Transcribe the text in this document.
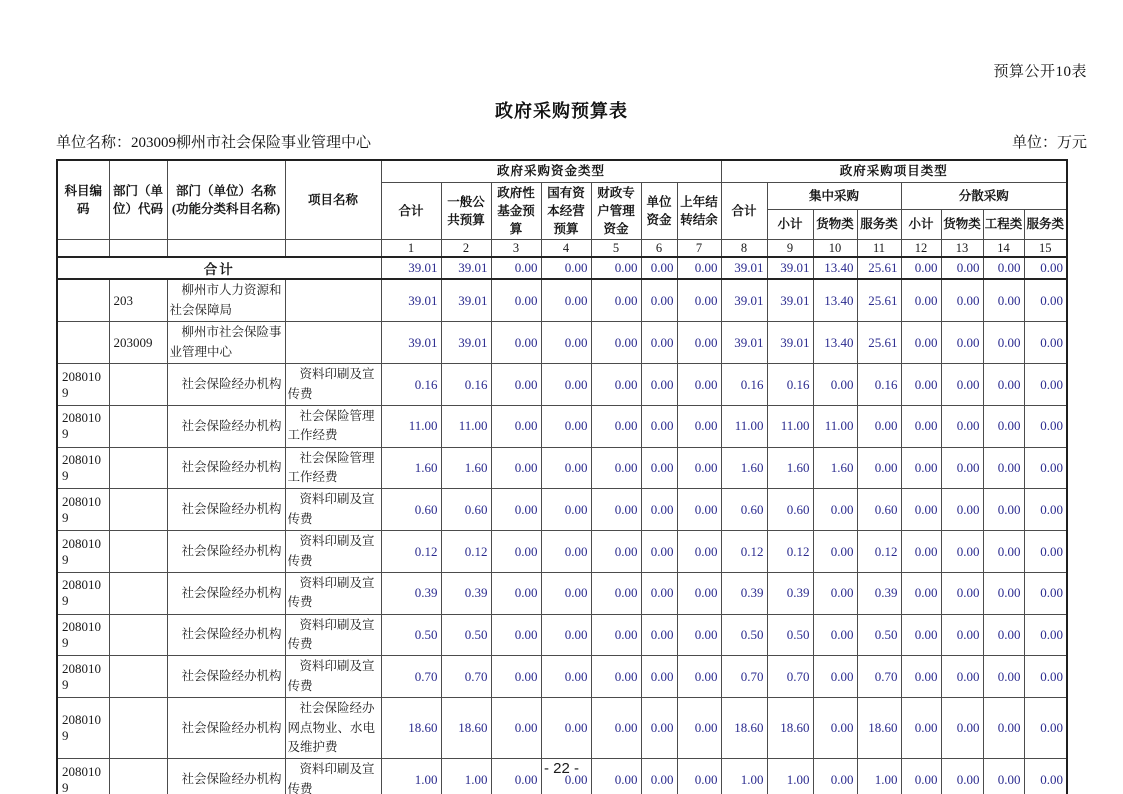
预算公开10表
政府采购预算表
单位名称：203009柳州市社会保险事业管理中心	单位：万元
科目编码	部门（单位）代码	部门（单位）名称(功能分类科目名称)	项目名称	政府采购资金类型							政府采购项目类型							
				合计	一般公共预算	政府性基金预算	国有资本经营预算	财政专户管理资金	单位资金	上年结转结余	合计	集中采购			分散采购			
												小计	货物类	服务类	小计	货物类	工程类	服务类
				1	2	3	4	5	6	7	8	9	10	11	12	13	14	15
合计				39.01	39.01	0.00	0.00	0.00	0.00	0.00	39.01	39.01	13.40	25.61	0.00	0.00	0.00	0.00
	203	柳州市人力资源和社会保障局		39.01	39.01	0.00	0.00	0.00	0.00	0.00	39.01	39.01	13.40	25.61	0.00	0.00	0.00	0.00
	203009	柳州市社会保险事业管理中心		39.01	39.01	0.00	0.00	0.00	0.00	0.00	39.01	39.01	13.40	25.61	0.00	0.00	0.00	0.00
2080109		社会保险经办机构	资料印刷及宣传费	0.16	0.16	0.00	0.00	0.00	0.00	0.00	0.16	0.16	0.00	0.16	0.00	0.00	0.00	0.00
2080109		社会保险经办机构	社会保险管理工作经费	11.00	11.00	0.00	0.00	0.00	0.00	0.00	11.00	11.00	11.00	0.00	0.00	0.00	0.00	0.00
2080109		社会保险经办机构	社会保险管理工作经费	1.60	1.60	0.00	0.00	0.00	0.00	0.00	1.60	1.60	1.60	0.00	0.00	0.00	0.00	0.00
2080109		社会保险经办机构	资料印刷及宣传费	0.60	0.60	0.00	0.00	0.00	0.00	0.00	0.60	0.60	0.00	0.60	0.00	0.00	0.00	0.00
2080109		社会保险经办机构	资料印刷及宣传费	0.12	0.12	0.00	0.00	0.00	0.00	0.00	0.12	0.12	0.00	0.12	0.00	0.00	0.00	0.00
2080109		社会保险经办机构	资料印刷及宣传费	0.39	0.39	0.00	0.00	0.00	0.00	0.00	0.39	0.39	0.00	0.39	0.00	0.00	0.00	0.00
2080109		社会保险经办机构	资料印刷及宣传费	0.50	0.50	0.00	0.00	0.00	0.00	0.00	0.50	0.50	0.00	0.50	0.00	0.00	0.00	0.00
2080109		社会保险经办机构	资料印刷及宣传费	0.70	0.70	0.00	0.00	0.00	0.00	0.00	0.70	0.70	0.00	0.70	0.00	0.00	0.00	0.00
2080109		社会保险经办机构	社会保险经办网点物业、水电及维护费	18.60	18.60	0.00	0.00	0.00	0.00	0.00	18.60	18.60	0.00	18.60	0.00	0.00	0.00	0.00
2080109		社会保险经办机构	资料印刷及宣传费	1.00	1.00	0.00	0.00	0.00	0.00	0.00	1.00	1.00	0.00	1.00	0.00	0.00	0.00	0.00
- 22 -
